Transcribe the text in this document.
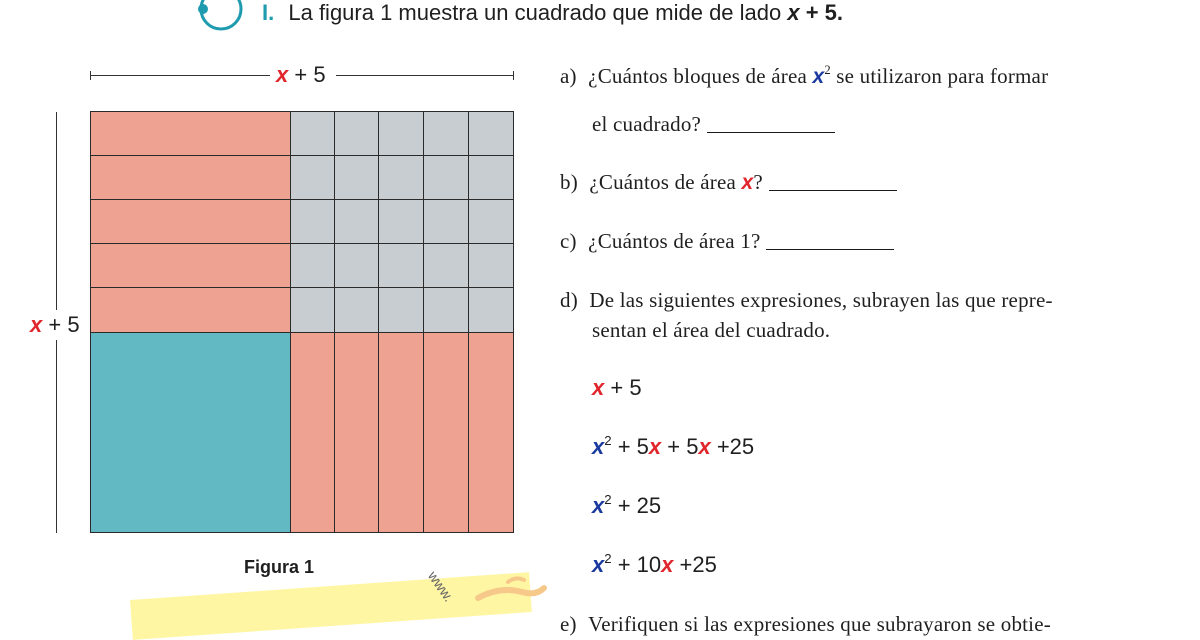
I. La figura 1 muestra un cuadrado que mide de lado x + 5.
x + 5
x + 5
Figura 1
www.
a) ¿Cuántos bloques de área $x^2$ se utilizaron para formar
el cuadrado?
b) ¿Cuántos de área x?
c) ¿Cuántos de área 1?
d) De las siguientes expresiones, subrayen las que repre-
sentan el área del cuadrado.
x + 5
$x^2 + 5x + 5x +25$
$x^2 + 25$
$x^2 + 10x +25$
e) Verifiquen si las expresiones que subrayaron se obtie-
